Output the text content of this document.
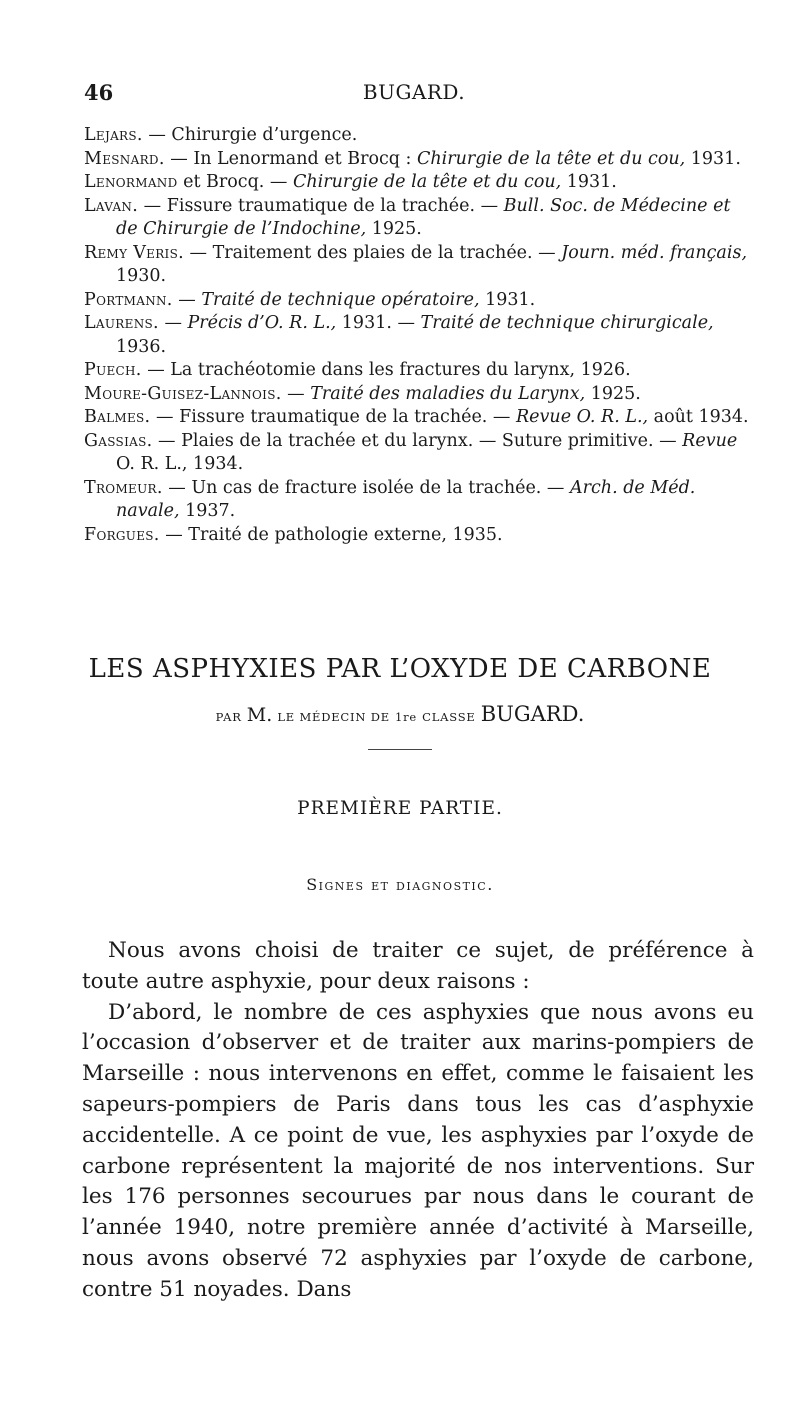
46	BUGARD.

Lejars. — Chirurgie d’urgence.

Mesnard. — In Lenormand et Brocq : Chirurgie de la tête et du cou, 1931.

Lenormand et Brocq. — Chirurgie de la tête et du cou, 1931.

Lavan. — Fissure traumatique de la trachée. — Bull. Soc. de Médecine et de Chirurgie de l’Indochine, 1925.

Remy Veris. — Traitement des plaies de la trachée. — Journ. méd. français, 1930.

Portmann. — Traité de technique opératoire, 1931.

Laurens. — Précis d’O. R. L., 1931. — Traité de technique chirurgicale, 1936.

Puech. — La trachéotomie dans les fractures du larynx, 1926.

Moure-Guisez-Lannois. — Traité des maladies du Larynx, 1925.

Balmes. — Fissure traumatique de la trachée. — Revue O. R. L., août 1934.

Gassias. — Plaies de la trachée et du larynx. — Suture primitive. — Revue O. R. L., 1934.

Tromeur. — Un cas de fracture isolée de la trachée. — Arch. de Méd. navale, 1937.

Forgues. — Traité de pathologie externe, 1935.

LES ASPHYXIES PAR L’OXYDE DE CARBONE
PAR M. LE MÉDECIN DE 1re CLASSE BUGARD.
PREMIÈRE PARTIE.
Signes et diagnostic.

Nous avons choisi de traiter ce sujet, de préférence à toute autre asphyxie, pour deux raisons :

D’abord, le nombre de ces asphyxies que nous avons eu l’occasion d’observer et de traiter aux marins-pompiers de Marseille : nous intervenons en effet, comme le faisaient les sapeurs-pompiers de Paris dans tous les cas d’asphyxie accidentelle. A ce point de vue, les asphyxies par l’oxyde de carbone représentent la majorité de nos interventions. Sur les 176 personnes secourues par nous dans le courant de l’année 1940, notre première année d’activité à Marseille, nous avons observé 72 asphyxies par l’oxyde de carbone, contre 51 noyades. Dans
